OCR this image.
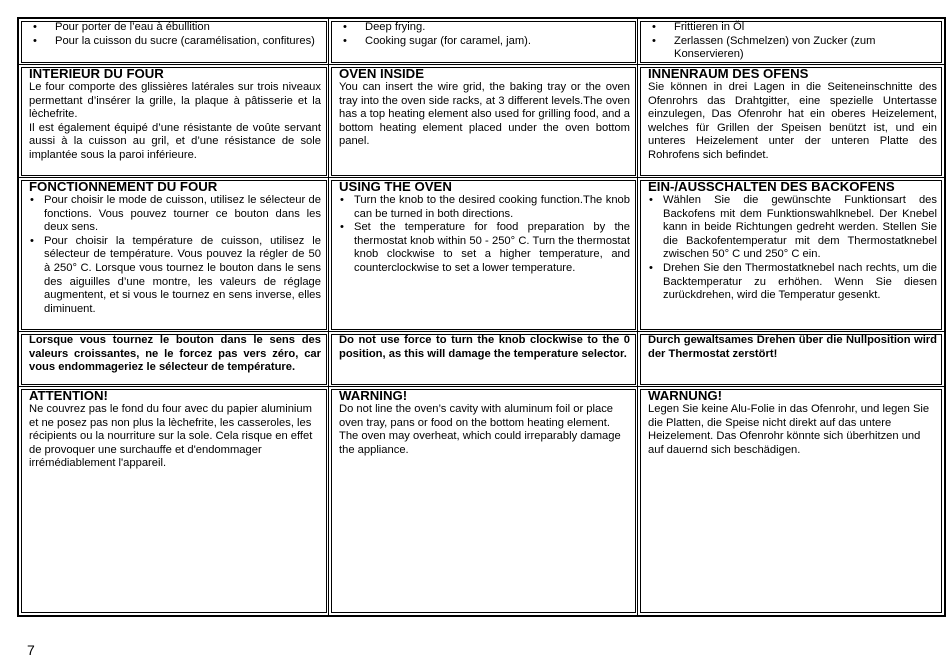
• Pour porter de l’eau à ébullition
• Pour la cuisson du sucre (caramélisation, confitures)
• Deep frying.
• Cooking sugar (for caramel, jam).
• Frittieren in Öl
• Zerlassen (Schmelzen) von Zucker (zum Konservieren)

INTERIEUR DU FOUR

Le four comporte des glissières latérales sur trois niveaux permettant d’insérer la grille, la plaque à pâtisserie et la lèchefrite.
Il est également équipé d’une résistante de voûte servant aussi à la cuisson au gril, et d’une résistance de sole implantée sous la paroi inférieure.

OVEN INSIDE

You can insert the wire grid, the baking tray or the oven tray into the oven side racks, at 3 different levels.The oven has a top heating element also used for grilling food, and a bottom heating element placed under the oven bottom panel.

INNENRAUM DES OFENS

Sie können in drei Lagen in die Seiteneinschnitte des Ofenrohrs das Drahtgitter, eine spezielle Untertasse einzulegen, Das Ofenrohr hat ein oberes Heizelement, welches für Grillen der Speisen benützt ist, und ein unteres Heizelement unter der unteren Platte des Rohrofens sich befindet.

FONCTIONNEMENT DU FOUR

• Pour choisir le mode de cuisson, utilisez le sélecteur de fonctions. Vous pouvez tourner ce bouton dans les deux sens.
• Pour choisir la température de cuisson, utilisez le sélecteur de température. Vous pouvez la régler de 50 à 250° C. Lorsque vous tournez le bouton dans le sens des aiguilles d’une montre, les valeurs de réglage augmentent, et si vous le tournez en sens inverse, elles diminuent.

USING THE OVEN

• Turn the knob to the desired cooking function.The knob can be turned in both directions.
• Set the temperature for food preparation by the thermostat knob within 50 - 250° C. Turn the thermostat knob clockwise to set a higher temperature, and counterclockwise to set a lower temperature.

EIN-/AUSSCHALTEN DES BACKOFENS

• Wählen Sie die gewünschte Funktionsart des Backofens mit dem Funktionswahlknebel. Der Knebel kann in beide Richtungen gedreht werden. Stellen Sie die Backofentemperatur mit dem Thermostatknebel zwischen 50° C und 250° C ein.
• Drehen Sie den Thermostatknebel nach rechts, um die Backtemperatur zu erhöhen. Wenn Sie diesen zurückdrehen, wird die Temperatur gesenkt.
Lorsque vous tournez le bouton dans le sens des valeurs croissantes, ne le forcez pas vers zéro, car vous endommageriez le sélecteur de température.
Do not use force to turn the knob clockwise to the 0 position, as this will damage the temperature selector.
Durch gewaltsames Drehen über die Nullposition wird der Thermostat zerstört!

ATTENTION!

Ne couvrez pas le fond du four avec du papier aluminium et ne posez pas non plus la lèchefrite, les casseroles, les récipients ou la nourriture sur la sole. Cela risque en effet de provoquer une surchauffe et d'endommager irrémédiablement l'appareil.

WARNING!

Do not line the oven’s cavity with aluminum foil or place oven tray, pans or food on the bottom heating element. The oven may overheat, which could irreparably damage the appliance.

WARNUNG!

Legen Sie keine Alu-Folie in das Ofenrohr, und legen Sie die Platten, die Speise nicht direkt auf das untere Heizelement. Das Ofenrohr könnte sich überhitzen und auf dauernd sich beschädigen.
7
